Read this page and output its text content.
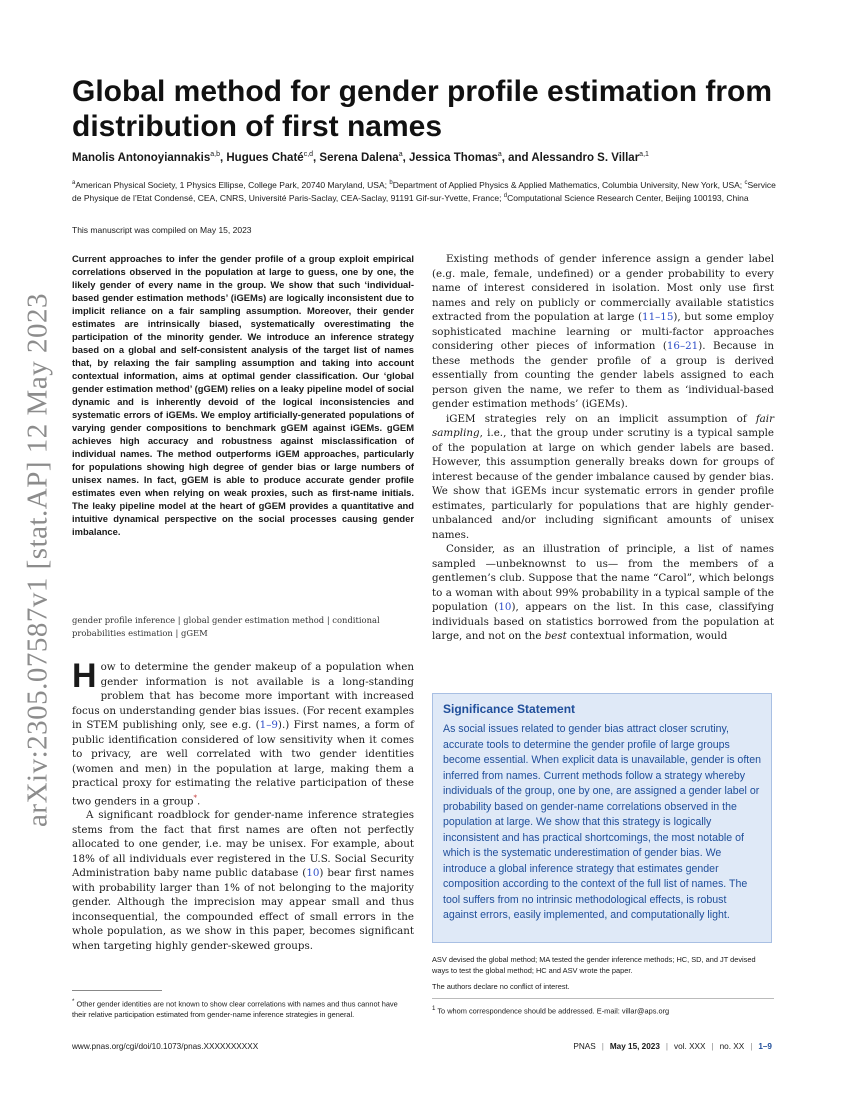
arXiv:2305.07587v1 [stat.AP] 12 May 2023
Global method for gender profile estimation from distribution of first names
Manolis Antonoyiannakis$^{a,b}$, Hugues Chaté$^{c,d}$, Serena Dalena$^a$, Jessica Thomas$^a$, and Alessandro S. Villar$^{a,1}$
$^a$American Physical Society, 1 Physics Ellipse, College Park, 20740 Maryland, USA; $^b$Department of Applied Physics & Applied Mathematics, Columbia University, New York, USA; $^c$Service de Physique de l’Etat Condensé, CEA, CNRS, Université Paris-Saclay, CEA-Saclay, 91191 Gif-sur-Yvette, France; $^d$Computational Science Research Center, Beijing 100193, China
This manuscript was compiled on May 15, 2023

Current approaches to infer the gender profile of a group exploit empirical correlations observed in the population at large to guess, one by one, the likely gender of every name in the group. We show that such ‘individual-based gender estimation methods’ (iGEMs) are logically inconsistent due to implicit reliance on a fair sampling assumption. Moreover, their gender estimates are intrinsically biased, systematically overestimating the participation of the minority gender. We introduce an inference strategy based on a global and self-consistent analysis of the target list of names that, by relaxing the fair sampling assumption and taking into account contextual information, aims at optimal gender classification. Our ‘global gender estimation method’ (gGEM) relies on a leaky pipeline model of social dynamic and is inherently devoid of the logical inconsistencies and systematic errors of iGEMs. We employ artificially-generated populations of varying gender compositions to benchmark gGEM against iGEMs. gGEM achieves high accuracy and robustness against misclassification of individual names. The method outperforms iGEM approaches, particularly for populations showing high degree of gender bias or large numbers of unisex names. In fact, gGEM is able to produce accurate gender profile estimates even when relying on weak proxies, such as first-name initials. The leaky pipeline model at the heart of gGEM provides a quantitative and intuitive dynamical perspective on the social processes causing gender imbalance.

gender profile inference | global gender estimation method | conditional probabilities estimation | gGEM

How to determine the gender makeup of a population when gender information is not available is a long-standing problem that has become more important with increased focus on understanding gender bias issues. (For recent examples in STEM publishing only, see e.g. (1–9).) First names, a form of public identification considered of low sensitivity when it comes to privacy, are well correlated with two gender identities (women and men) in the population at large, making them a practical proxy for estimating the relative participation of these two genders in a group*.

A significant roadblock for gender-name inference strategies stems from the fact that first names are often not perfectly allocated to one gender, i.e. may be unisex. For example, about 18% of all individuals ever registered in the U.S. Social Security Administration baby name public database (10) bear first names with probability larger than 1% of not belonging to the majority gender. Although the imprecision may appear small and thus inconsequential, the compounded effect of small errors in the whole population, as we show in this paper, becomes significant when targeting highly gender-skewed groups.

* Other gender identities are not known to show clear correlations with names and thus cannot have their relative participation estimated from gender-name inference strategies in general.

Existing methods of gender inference assign a gender label (e.g. male, female, undefined) or a gender probability to every name of interest considered in isolation. Most only use first names and rely on publicly or commercially available statistics extracted from the population at large (11–15), but some employ sophisticated machine learning or multi-factor approaches considering other pieces of information (16–21). Because in these methods the gender profile of a group is derived essentially from counting the gender labels assigned to each person given the name, we refer to them as ‘individual-based gender estimation methods’ (iGEMs).

iGEM strategies rely on an implicit assumption of fair sampling, i.e., that the group under scrutiny is a typical sample of the population at large on which gender labels are based. However, this assumption generally breaks down for groups of interest because of the gender imbalance caused by gender bias. We show that iGEMs incur systematic errors in gender profile estimates, particularly for populations that are highly gender-unbalanced and/or including significant amounts of unisex names.

Consider, as an illustration of principle, a list of names sampled —unbeknownst to us— from the members of a gentlemen’s club. Suppose that the name “Carol”, which belongs to a woman with about 99% probability in a typical sample of the population (10), appears on the list. In this case, classifying individuals based on statistics borrowed from the population at large, and not on the best contextual information, would

Significance Statement

As social issues related to gender bias attract closer scrutiny, accurate tools to determine the gender profile of large groups become essential. When explicit data is unavailable, gender is often inferred from names. Current methods follow a strategy whereby individuals of the group, one by one, are assigned a gender label or probability based on gender-name correlations observed in the population at large. We show that this strategy is logically inconsistent and has practical shortcomings, the most notable of which is the systematic underestimation of gender bias. We introduce a global inference strategy that estimates gender composition according to the context of the full list of names. The tool suffers from no intrinsic methodological effects, is robust against errors, easily implemented, and computationally light.

ASV devised the global method; MA tested the gender inference methods; HC, SD, and JT devised ways to test the global method; HC and ASV wrote the paper.
The authors declare no conflict of interest.
$^1$ To whom correspondence should be addressed. E-mail: villar@aps.org
www.pnas.org/cgi/doi/10.1073/pnas.XXXXXXXXXX	PNAS | May 15, 2023 | vol. XXX | no. XX | 1–9
